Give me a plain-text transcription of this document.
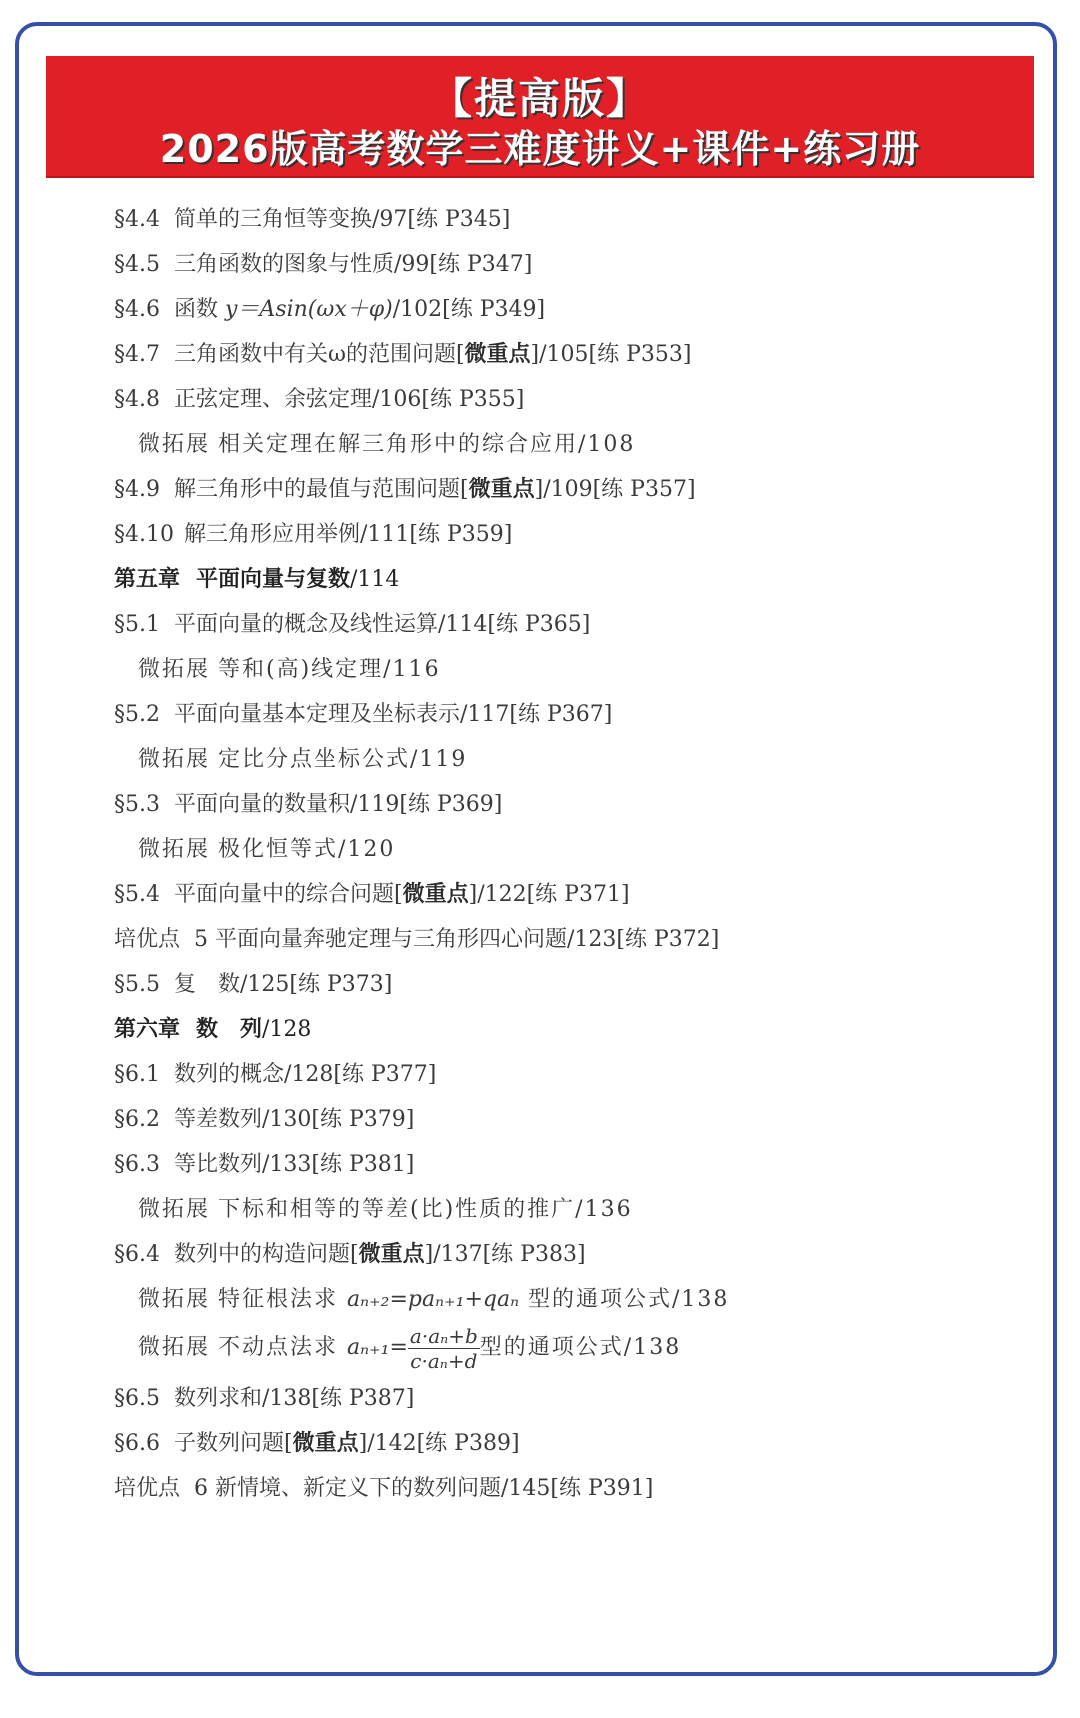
【提高版】
2026版高考数学三难度讲义+课件+练习册
§4.4 简单的三角恒等变换/97[练 P345]
§4.5 三角函数的图象与性质/99[练 P347]
§4.6 函数 y＝Asin(ωx＋φ)/102[练 P349]
§4.7 三角函数中有关ω的范围问题[微重点]/105[练 P353]
§4.8 正弦定理、余弦定理/106[练 P355]
微拓展 相关定理在解三角形中的综合应用/108
§4.9 解三角形中的最值与范围问题[微重点]/109[练 P357]
§4.10 解三角形应用举例/111[练 P359]
第五章 平面向量与复数/114
§5.1 平面向量的概念及线性运算/114[练 P365]
微拓展 等和(高)线定理/116
§5.2 平面向量基本定理及坐标表示/117[练 P367]
微拓展 定比分点坐标公式/119
§5.3 平面向量的数量积/119[练 P369]
微拓展 极化恒等式/120
§5.4 平面向量中的综合问题[微重点]/122[练 P371]
培优点 5 平面向量奔驰定理与三角形四心问题/123[练 P372]
§5.5 复　数/125[练 P373]
第六章 数　列/128
§6.1 数列的概念/128[练 P377]
§6.2 等差数列/130[练 P379]
§6.3 等比数列/133[练 P381]
微拓展 下标和相等的等差(比)性质的推广/136
§6.4 数列中的构造问题[微重点]/137[练 P383]
微拓展 特征根法求 aₙ₊₂=paₙ₊₁+qaₙ 型的通项公式/138
微拓展 不动点法求 $a_{n+1}= \frac{\text{a·aₙ+b}}{\text{c·aₙ+d}}$ 型的通项公式/138
§6.5 数列求和/138[练 P387]
§6.6 子数列问题[微重点]/142[练 P389]
培优点 6 新情境、新定义下的数列问题/145[练 P391]
